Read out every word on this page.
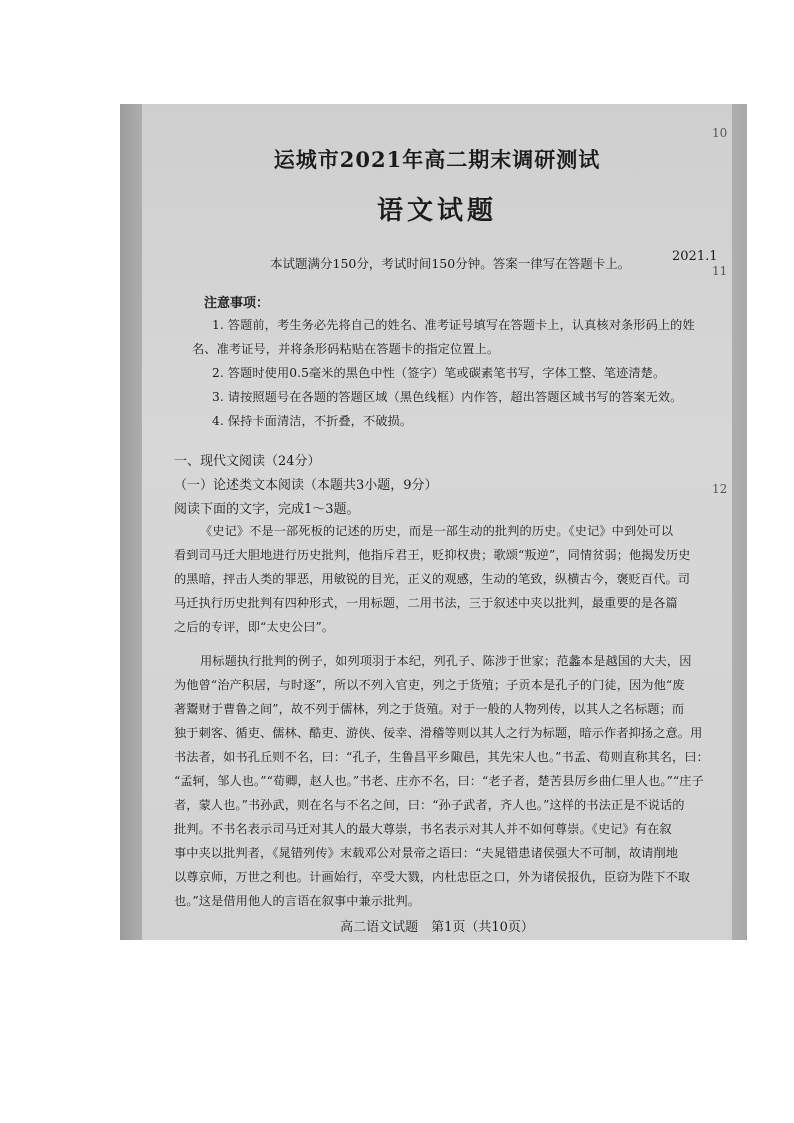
运城市2021年高二期末调研测试
语文试题
2021.1
本试题满分150分，考试时间150分钟。答案一律写在答题卡上。
注意事项：
1. 答题前，考生务必先将自己的姓名、准考证号填写在答题卡上，认真核对条形码上的姓
名、准考证号，并将条形码粘贴在答题卡的指定位置上。
2. 答题时使用0.5毫米的黑色中性（签字）笔或碳素笔书写，字体工整、笔迹清楚。
3. 请按照题号在各题的答题区域（黑色线框）内作答，超出答题区域书写的答案无效。
4. 保持卡面清洁，不折叠，不破损。
一、现代文阅读（24分）
（一）论述类文本阅读（本题共3小题，9分）
阅读下面的文字，完成1～3题。
《史记》不是一部死板的记述的历史，而是一部生动的批判的历史。《史记》中到处可以
看到司马迁大胆地进行历史批判，他指斥君王，贬抑权贵；歌颂“叛逆”，同情贫弱；他揭发历史
的黑暗，抨击人类的罪恶，用敏锐的目光，正义的观感，生动的笔致，纵横古今，褒贬百代。司
马迁执行历史批判有四种形式，一用标题，二用书法，三于叙述中夹以批判，最重要的是各篇
之后的专评，即“太史公曰”。
用标题执行批判的例子，如列项羽于本纪，列孔子、陈涉于世家；范蠡本是越国的大夫，因
为他曾“治产积居，与时逐”，所以不列入官吏，列之于货殖；子贡本是孔子的门徒，因为他“废
著鬻财于曹鲁之间”，故不列于儒林，列之于货殖。对于一般的人物列传，以其人之名标题；而
独于刺客、循吏、儒林、酷吏、游侠、佞幸、滑稽等则以其人之行为标题，暗示作者抑扬之意。用
书法者，如书孔丘则不名，曰：“孔子，生鲁昌平乡陬邑，其先宋人也。”书孟、荀则直称其名，曰：
“孟轲，邹人也。”“荀卿，赵人也。”书老、庄亦不名，曰：“老子者，楚苦县厉乡曲仁里人也。”“庄子
者，蒙人也。”书孙武，则在名与不名之间，曰：“孙子武者，齐人也。”这样的书法正是不说话的
批判。不书名表示司马迁对其人的最大尊崇，书名表示对其人并不如何尊崇。《史记》有在叙
事中夹以批判者，《晁错列传》末载邓公对景帝之语曰：“夫晁错患诸侯强大不可制，故请削地
以尊京师，万世之利也。计画始行，卒受大戮，内杜忠臣之口，外为诸侯报仇，臣窃为陛下不取
也。”这是借用他人的言语在叙事中兼示批判。
高二语文试题　第1页（共10页）
10
11
12
